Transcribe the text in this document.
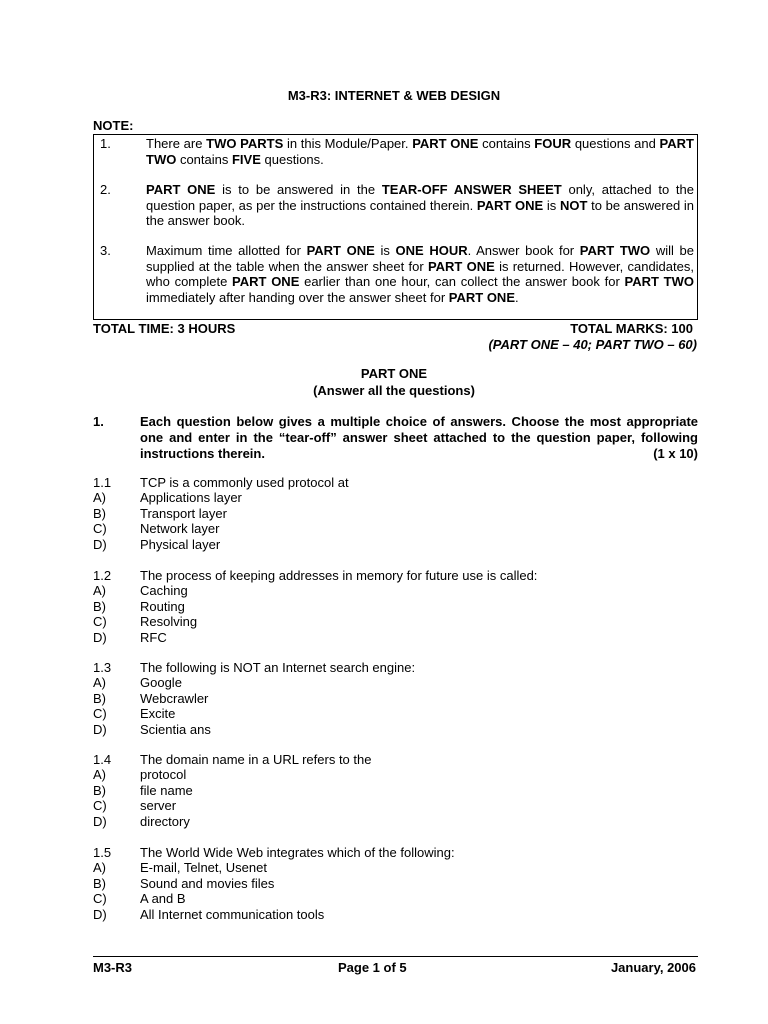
M3-R3: INTERNET & WEB DESIGN
NOTE:
1.	There are TWO PARTS in this Module/Paper. PART ONE contains FOUR questions and PART TWO contains FIVE questions.
2.	PART ONE is to be answered in the TEAR-OFF ANSWER SHEET only, attached to the question paper, as per the instructions contained therein. PART ONE is NOT to be answered in the answer book.
3.	Maximum time allotted for PART ONE is ONE HOUR. Answer book for PART TWO will be supplied at the table when the answer sheet for PART ONE is returned. However, candidates, who complete PART ONE earlier than one hour, can collect the answer book for PART TWO immediately after handing over the answer sheet for PART ONE.
TOTAL TIME: 3 HOURS	TOTAL MARKS: 100
(PART ONE – 40; PART TWO – 60)
PART ONE
(Answer all the questions)
1.	Each question below gives a multiple choice of answers. Choose the most appropriate one and enter in the “tear-off” answer sheet attached to the question paper, following instructions therein.	(1 x 10)
1.1 TCP is a commonly used protocol at
A)	Applications layer
B)	Transport layer
C)	Network layer
D)	Physical layer
1.2 The process of keeping addresses in memory for future use is called:
A)	Caching
B)	Routing
C)	Resolving
D)	RFC
1.3 The following is NOT an Internet search engine:
A)	Google
B)	Webcrawler
C)	Excite
D)	Scientia ans
1.4 The domain name in a URL refers to the
A)	protocol
B)	file name
C)	server
D)	directory
1.5 The World Wide Web integrates which of the following:
A)	E-mail, Telnet, Usenet
B)	Sound and movies files
C)	A and B
D)	All Internet communication tools
M3-R3	Page 1 of 5	January, 2006
